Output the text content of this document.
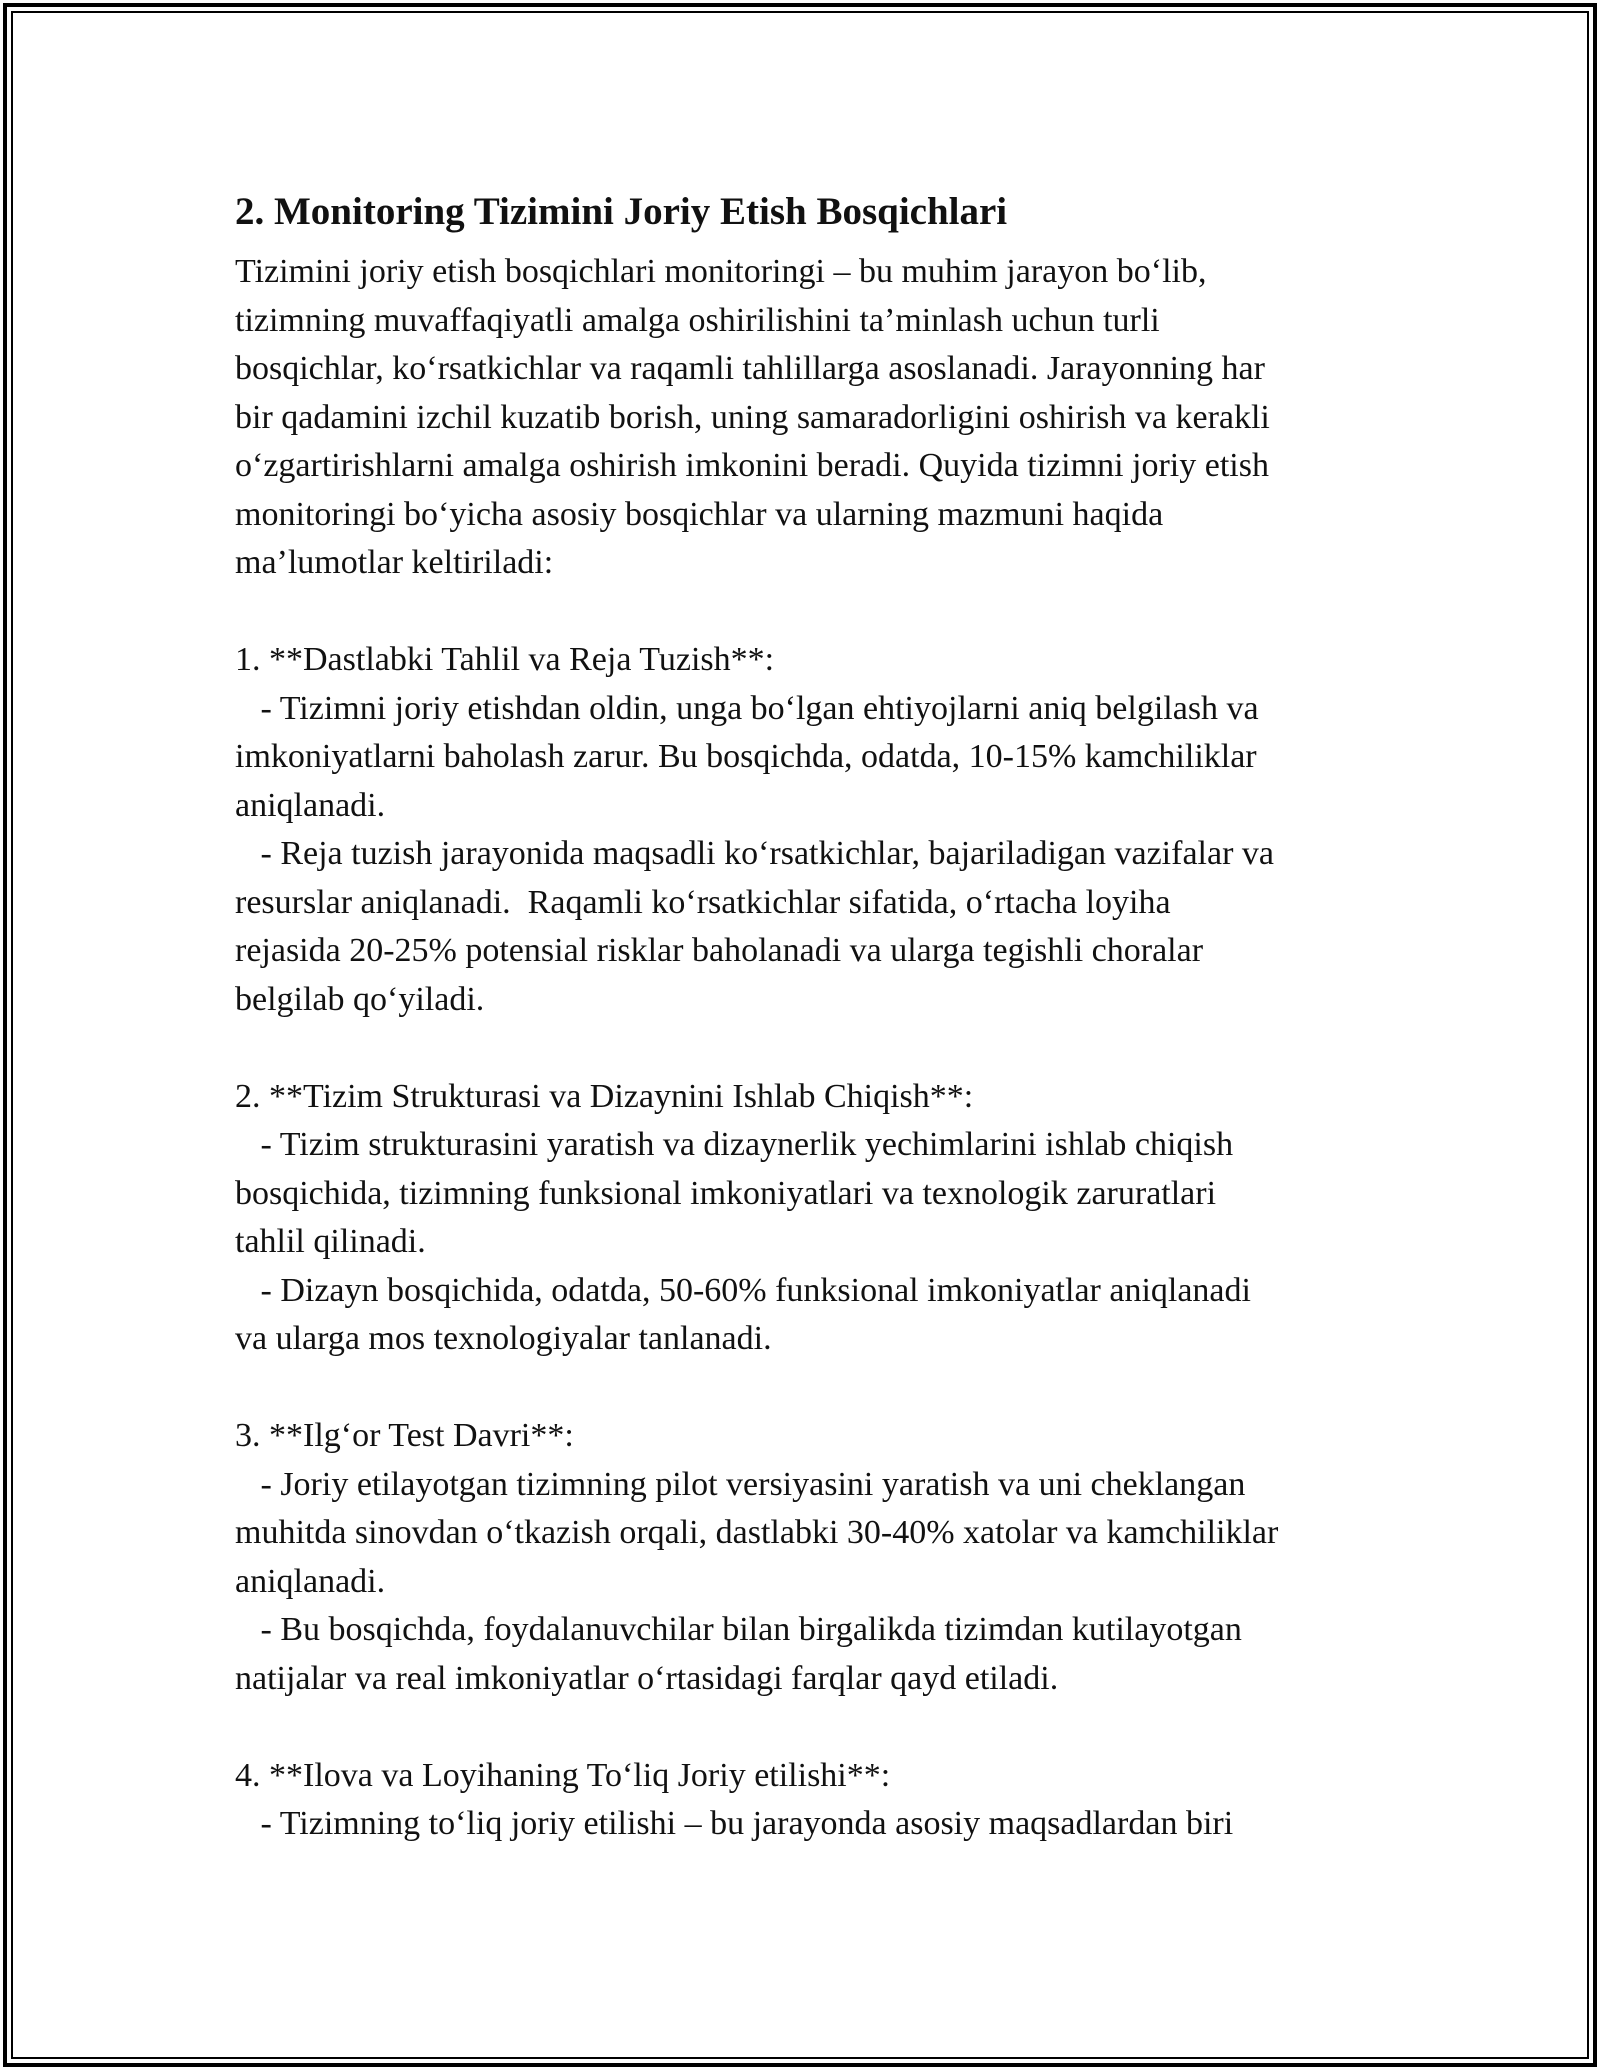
2. Monitoring Tizimini Joriy Etish Bosqichlari

Tizimini joriy etish bosqichlari monitoringi – bu muhim jarayon bo‘lib,
tizimning muvaffaqiyatli amalga oshirilishini ta’minlash uchun turli
bosqichlar, ko‘rsatkichlar va raqamli tahlillarga asoslanadi. Jarayonning har
bir qadamini izchil kuzatib borish, uning samaradorligini oshirish va kerakli
o‘zgartirishlarni amalga oshirish imkonini beradi. Quyida tizimni joriy etish
monitoringi bo‘yicha asosiy bosqichlar va ularning mazmuni haqida
ma’lumotlar keltiriladi:

1. **Dastlabki Tahlil va Reja Tuzish**:
- Tizimni joriy etishdan oldin, unga bo‘lgan ehtiyojlarni aniq belgilash va
imkoniyatlarni baholash zarur. Bu bosqichda, odatda, 10-15% kamchiliklar
aniqlanadi.
- Reja tuzish jarayonida maqsadli ko‘rsatkichlar, bajariladigan vazifalar va
resurslar aniqlanadi.  Raqamli ko‘rsatkichlar sifatida, o‘rtacha loyiha
rejasida 20-25% potensial risklar baholanadi va ularga tegishli choralar
belgilab qo‘yiladi.

2. **Tizim Strukturasi va Dizaynini Ishlab Chiqish**:
- Tizim strukturasini yaratish va dizaynerlik yechimlarini ishlab chiqish
bosqichida, tizimning funksional imkoniyatlari va texnologik zaruratlari
tahlil qilinadi.
- Dizayn bosqichida, odatda, 50-60% funksional imkoniyatlar aniqlanadi
va ularga mos texnologiyalar tanlanadi.

3. **Ilg‘or Test Davri**:
- Joriy etilayotgan tizimning pilot versiyasini yaratish va uni cheklangan
muhitda sinovdan o‘tkazish orqali, dastlabki 30-40% xatolar va kamchiliklar
aniqlanadi.
- Bu bosqichda, foydalanuvchilar bilan birgalikda tizimdan kutilayotgan
natijalar va real imkoniyatlar o‘rtasidagi farqlar qayd etiladi.

4. **Ilova va Loyihaning To‘liq Joriy etilishi**:
- Tizimning to‘liq joriy etilishi – bu jarayonda asosiy maqsadlardan biri
